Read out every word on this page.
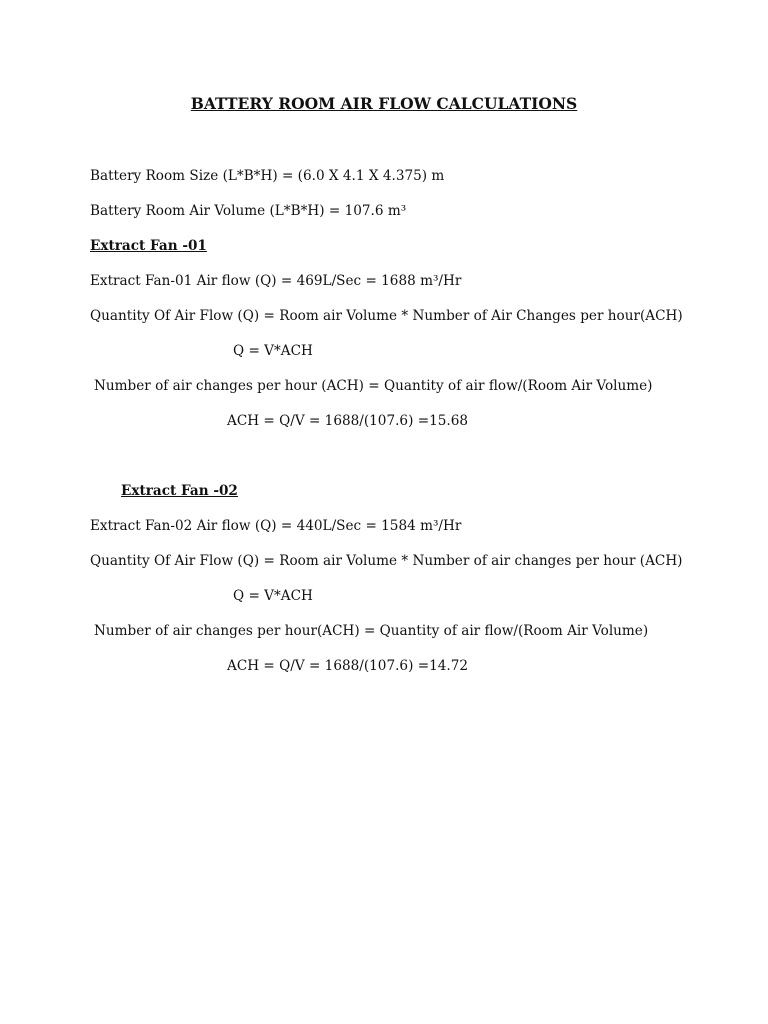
BATTERY ROOM AIR FLOW CALCULATIONS
Battery Room Size (L*B*H) = (6.0 X 4.1 X 4.375) m
Battery Room Air Volume (L*B*H) = 107.6 m³
Extract Fan -01
Extract Fan-01 Air flow (Q) = 469L/Sec = 1688 m³/Hr
Quantity Of Air Flow (Q) = Room air Volume * Number of Air Changes per hour(ACH)
Q = V*ACH
Number of air changes per hour (ACH) = Quantity of air flow/(Room Air Volume)
ACH = Q/V = 1688/(107.6) =15.68
Extract Fan -02
Extract Fan-02 Air flow (Q) = 440L/Sec = 1584 m³/Hr
Quantity Of Air Flow (Q) = Room air Volume * Number of air changes per hour (ACH)
Q = V*ACH
Number of air changes per hour(ACH) = Quantity of air flow/(Room Air Volume)
ACH = Q/V = 1688/(107.6) =14.72
